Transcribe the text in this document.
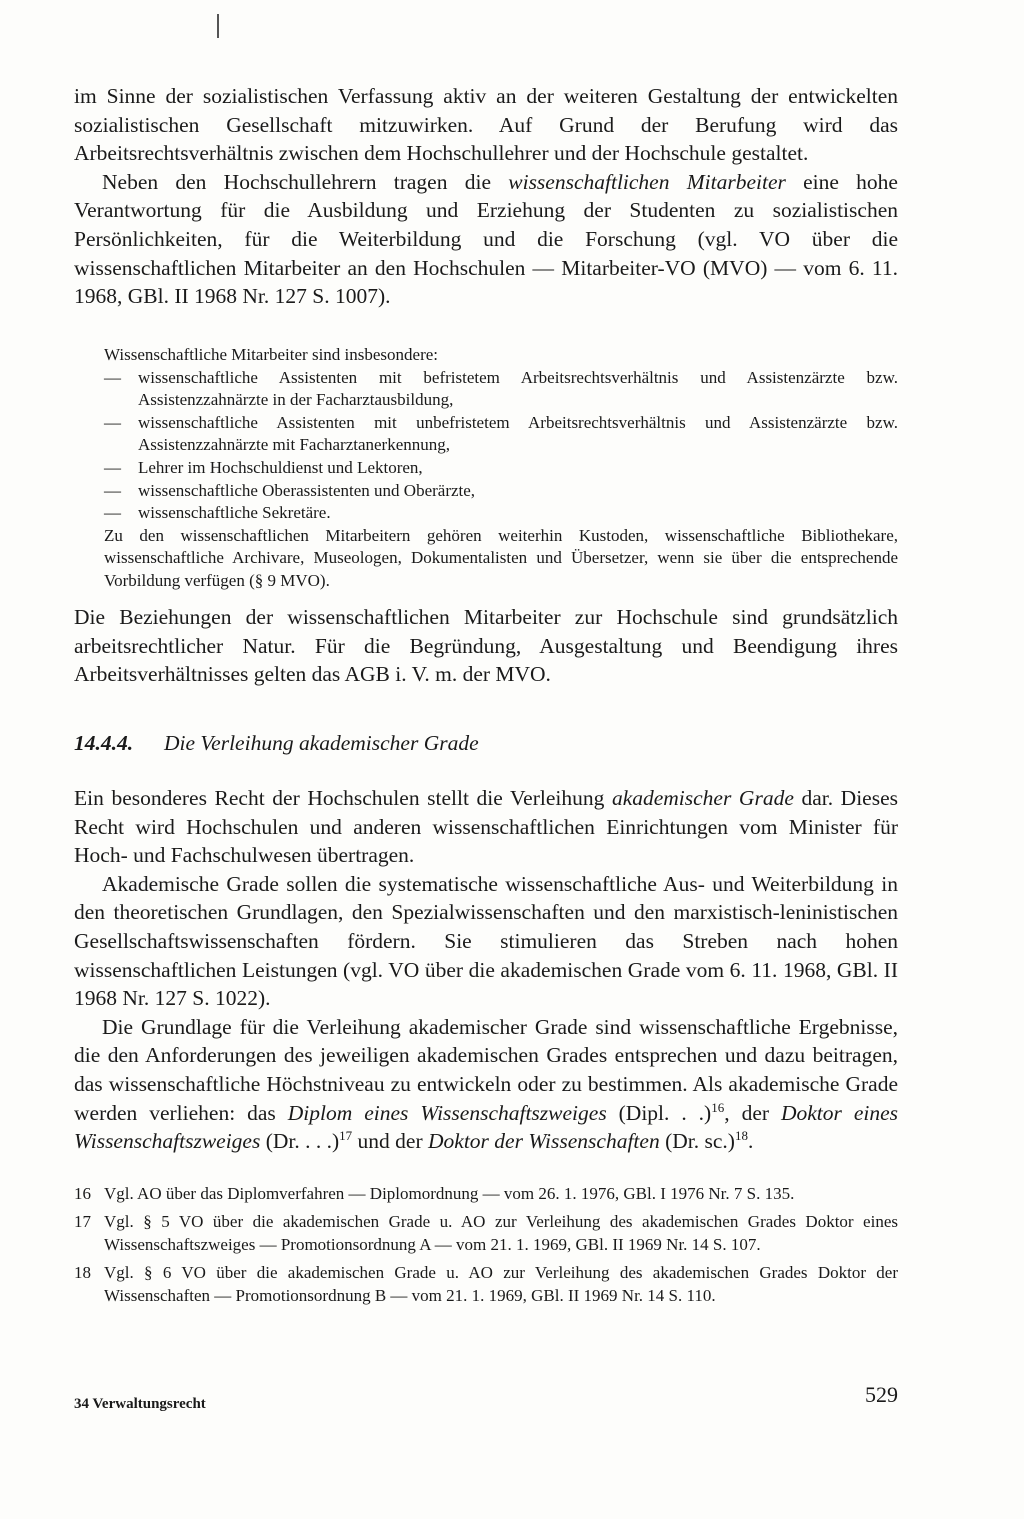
im Sinne der sozialistischen Verfassung aktiv an der weiteren Gestaltung der entwickelten sozialistischen Gesellschaft mitzuwirken. Auf Grund der Berufung wird das Arbeitsrechtsverhältnis zwischen dem Hochschullehrer und der Hochschule gestaltet.

Neben den Hochschullehrern tragen die wissenschaftlichen Mitarbeiter eine hohe Verantwortung für die Ausbildung und Erziehung der Studenten zu sozialistischen Persönlichkeiten, für die Weiterbildung und die Forschung (vgl. VO über die wissenschaftlichen Mitarbeiter an den Hochschulen — Mitarbeiter-VO (MVO) — vom 6. 11. 1968, GBl. II 1968 Nr. 127 S. 1007).

Wissenschaftliche Mitarbeiter sind insbesondere:
— wissenschaftliche Assistenten mit befristetem Arbeitsrechtsverhältnis und Assistenzärzte bzw. Assistenzzahnärzte in der Facharztausbildung,
— wissenschaftliche Assistenten mit unbefristetem Arbeitsrechtsverhältnis und Assistenzärzte bzw. Assistenzzahnärzte mit Facharztanerkennung,
— Lehrer im Hochschuldienst und Lektoren,
— wissenschaftliche Oberassistenten und Oberärzte,
— wissenschaftliche Sekretäre.
Zu den wissenschaftlichen Mitarbeitern gehören weiterhin Kustoden, wissenschaftliche Bibliothekare, wissenschaftliche Archivare, Museologen, Dokumentalisten und Übersetzer, wenn sie über die entsprechende Vorbildung verfügen (§ 9 MVO).

Die Beziehungen der wissenschaftlichen Mitarbeiter zur Hochschule sind grundsätzlich arbeitsrechtlicher Natur. Für die Begründung, Ausgestaltung und Beendigung ihres Arbeitsverhältnisses gelten das AGB i. V. m. der MVO.

14.4.4. Die Verleihung akademischer Grade

Ein besonderes Recht der Hochschulen stellt die Verleihung akademischer Grade dar. Dieses Recht wird Hochschulen und anderen wissenschaftlichen Einrichtungen vom Minister für Hoch- und Fachschulwesen übertragen.

Akademische Grade sollen die systematische wissenschaftliche Aus- und Weiterbildung in den theoretischen Grundlagen, den Spezialwissenschaften und den marxistisch-leninistischen Gesellschaftswissenschaften fördern. Sie stimulieren das Streben nach hohen wissenschaftlichen Leistungen (vgl. VO über die akademischen Grade vom 6. 11. 1968, GBl. II 1968 Nr. 127 S. 1022).

Die Grundlage für die Verleihung akademischer Grade sind wissenschaftliche Ergebnisse, die den Anforderungen des jeweiligen akademischen Grades entsprechen und dazu beitragen, das wissenschaftliche Höchstniveau zu entwickeln oder zu bestimmen. Als akademische Grade werden verliehen: das Diplom eines Wissenschaftszweiges (Dipl. . .)$^{16}$, der Doktor eines Wissenschaftszweiges (Dr. . . .)$^{17}$ und der Doktor der Wissenschaften (Dr. sc.)$^{18}$.

16 Vgl. AO über das Diplomverfahren — Diplomordnung — vom 26. 1. 1976, GBl. I 1976 Nr. 7 S. 135.
17 Vgl. § 5 VO über die akademischen Grade u. AO zur Verleihung des akademischen Grades Doktor eines Wissenschaftszweiges — Promotionsordnung A — vom 21. 1. 1969, GBl. II 1969 Nr. 14 S. 107.
18 Vgl. § 6 VO über die akademischen Grade u. AO zur Verleihung des akademischen Grades Doktor der Wissenschaften — Promotionsordnung B — vom 21. 1. 1969, GBl. II 1969 Nr. 14 S. 110.
34 Verwaltungsrecht	529
